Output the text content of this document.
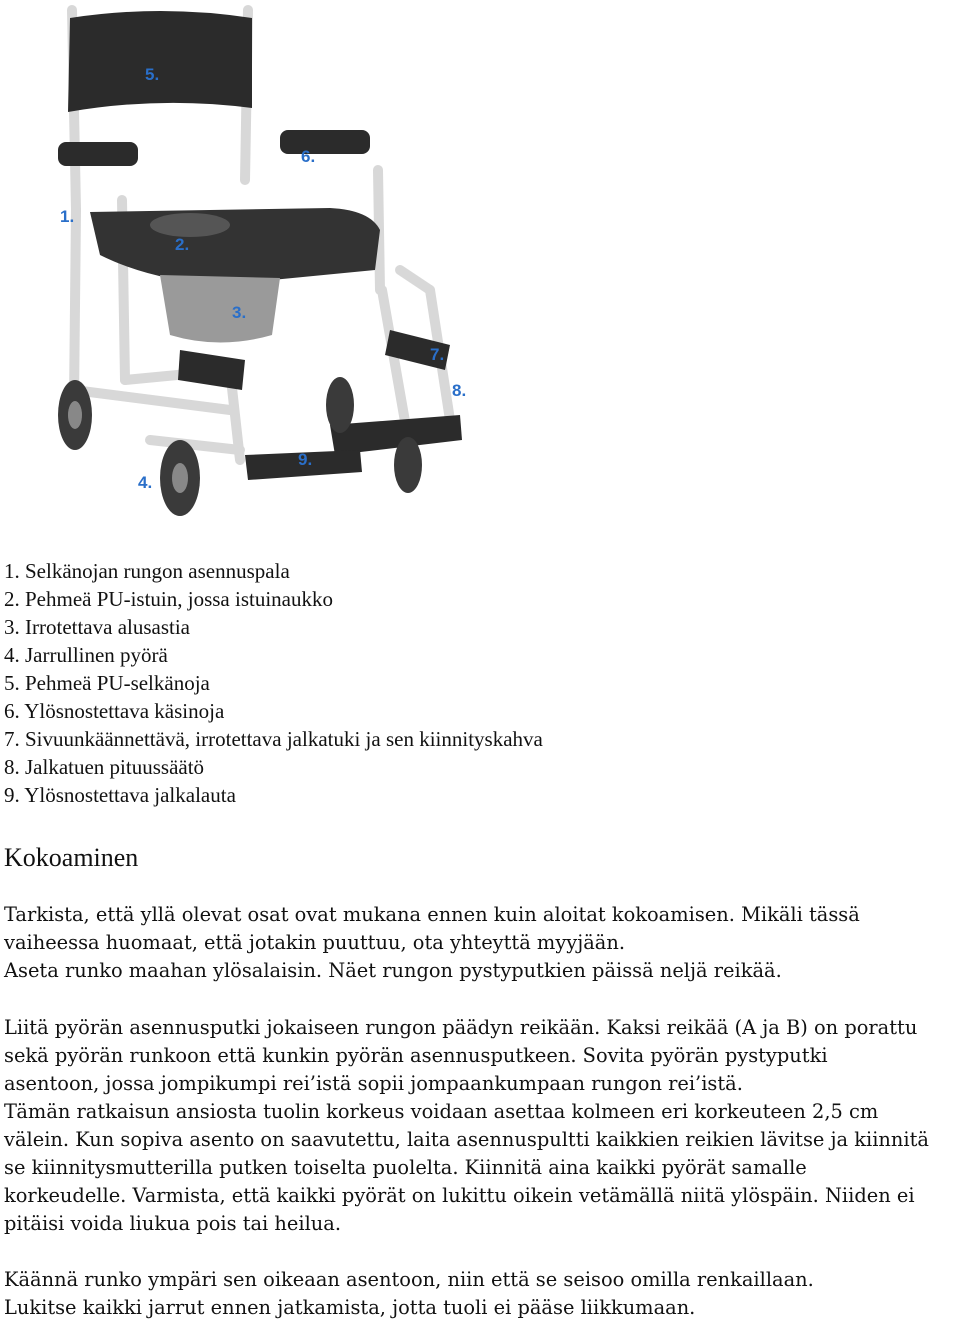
1.
2.
3.
4.
5.
6.
7.
8.
9.
1. Selkänojan rungon asennuspala
2. Pehmeä PU-istuin, jossa istuinaukko
3. Irrotettava alusastia
4. Jarrullinen pyörä
5. Pehmeä PU-selkänoja
6. Ylösnostettava käsinoja
7. Sivuunkäännettävä, irrotettava jalkatuki ja sen kiinnityskahva
8. Jalkatuen pituussäätö
9. Ylösnostettava jalkalauta
Kokoaminen

Tarkista, että yllä olevat osat ovat mukana ennen kuin aloitat kokoamisen. Mikäli tässä
vaiheessa huomaat, että jotakin puuttuu, ota yhteyttä myyjään.
Aseta runko maahan ylösalaisin. Näet rungon pystyputkien päissä neljä reikää.

Liitä pyörän asennusputki jokaiseen rungon päädyn reikään. Kaksi reikää (A ja B) on porattu
sekä pyörän runkoon että kunkin pyörän asennusputkeen. Sovita pyörän pystyputki
asentoon, jossa jompikumpi rei’istä sopii jompaankumpaan rungon rei’istä.
Tämän ratkaisun ansiosta tuolin korkeus voidaan asettaa kolmeen eri korkeuteen 2,5 cm
välein. Kun sopiva asento on saavutettu, laita asennuspultti kaikkien reikien lävitse ja kiinnitä
se kiinnitysmutterilla putken toiselta puolelta. Kiinnitä aina kaikki pyörät samalle
korkeudelle. Varmista, että kaikki pyörät on lukittu oikein vetämällä niitä ylöspäin. Niiden ei
pitäisi voida liukua pois tai heilua.

Käännä runko ympäri sen oikeaan asentoon, niin että se seisoo omilla renkaillaan.
Lukitse kaikki jarrut ennen jatkamista, jotta tuoli ei pääse liikkumaan.
